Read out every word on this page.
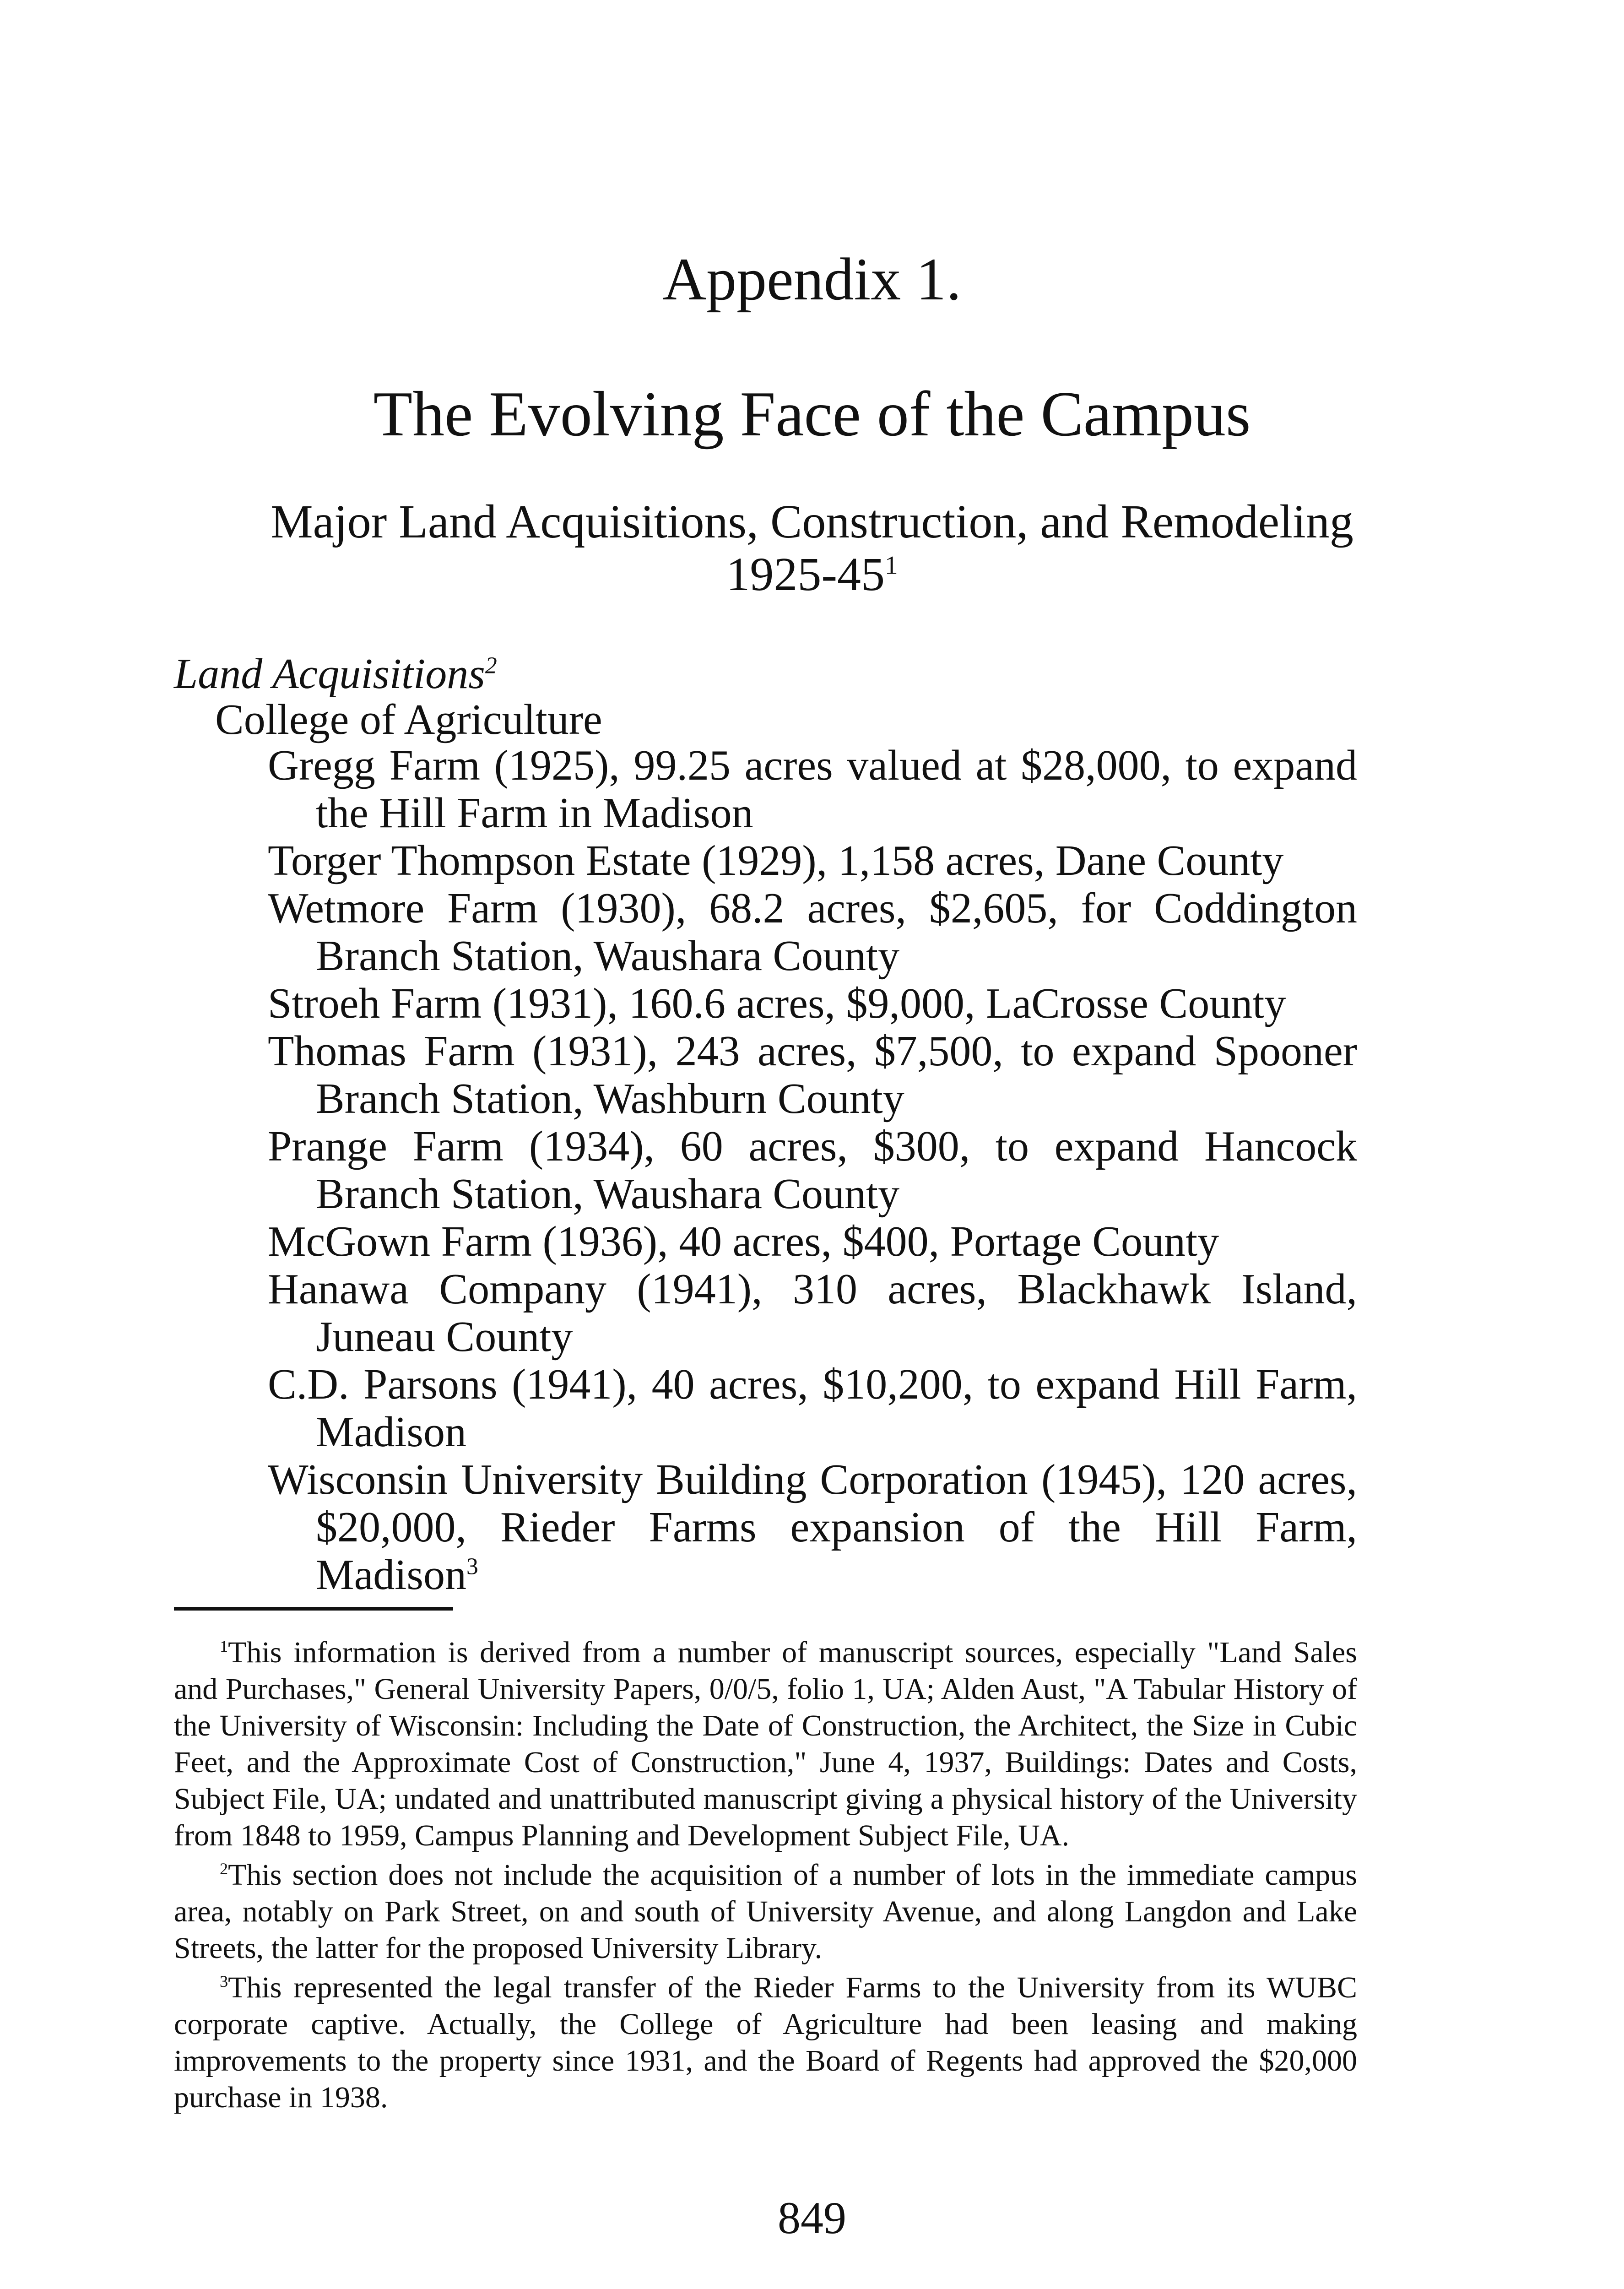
Appendix 1.
The Evolving Face of the Campus

Major Land Acquisitions, Construction, and Remodeling

$1925-45^1$

Land Acquisitions$^2$

College of Agriculture

Gregg Farm (1925), 99.25 acres valued at $28,000, to expand the Hill Farm in Madison
Torger Thompson Estate (1929), 1,158 acres, Dane County
Wetmore Farm (1930), 68.2 acres, $2,605, for Coddington Branch Station, Waushara County
Stroeh Farm (1931), 160.6 acres, $9,000, LaCrosse County
Thomas Farm (1931), 243 acres, $7,500, to expand Spooner Branch Station, Washburn County
Prange Farm (1934), 60 acres, $300, to expand Hancock Branch Station, Waushara County
McGown Farm (1936), 40 acres, $400, Portage County
Hanawa Company (1941), 310 acres, Blackhawk Island, Juneau County
C.D. Parsons (1941), 40 acres, $10,200, to expand Hill Farm, Madison
Wisconsin University Building Corporation (1945), 120 acres, $20,000, Rieder Farms expansion of the Hill Farm, Madison$^3$
$^1$This information is derived from a number of manuscript sources, especially "Land Sales and Purchases," General University Papers, 0/0/5, folio 1, UA; Alden Aust, "A Tabular History of the University of Wisconsin: Including the Date of Construction, the Architect, the Size in Cubic Feet, and the Approximate Cost of Construction," June 4, 1937, Buildings: Dates and Costs, Subject File, UA; undated and unattributed manuscript giving a physical history of the University from 1848 to 1959, Campus Planning and Development Subject File, UA.
$^2$This section does not include the acquisition of a number of lots in the immediate campus area, notably on Park Street, on and south of University Avenue, and along Langdon and Lake Streets, the latter for the proposed University Library.
$^3$This represented the legal transfer of the Rieder Farms to the University from its WUBC corporate captive. Actually, the College of Agriculture had been leasing and making improvements to the property since 1931, and the Board of Regents had approved the $20,000 purchase in 1938.

849
